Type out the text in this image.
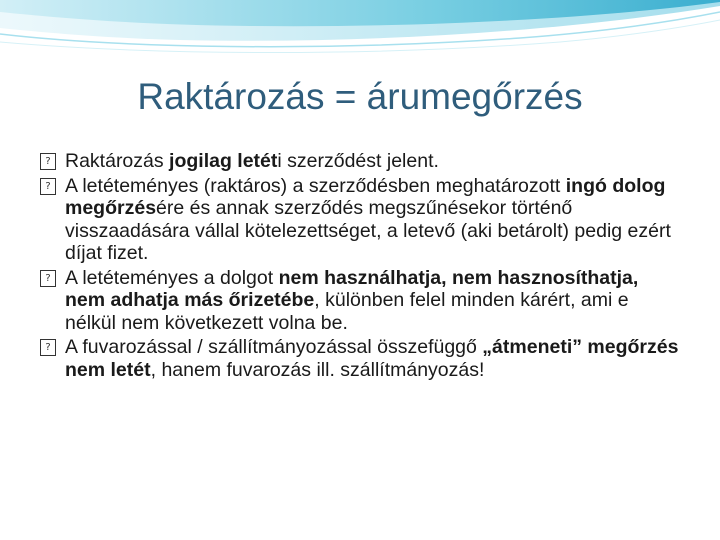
Raktározás = árumegőrzés

? Raktározás jogilag letéti szerződést jelent.

? A letéteményes (raktáros) a szerződésben meghatározott ingó dolog megőrzésére és annak szerződés megszűnésekor történő visszaadására vállal kötelezettséget, a letevő (aki betárolt) pedig ezért díjat fizet.

? A letéteményes a dolgot nem használhatja, nem hasznosíthatja, nem adhatja más őrizetébe, különben felel minden kárért, ami e nélkül nem következett volna be.

? A fuvarozással / szállítmányozással összefüggő „átmeneti” megőrzés nem letét, hanem fuvarozás ill. szállítmányozás!
